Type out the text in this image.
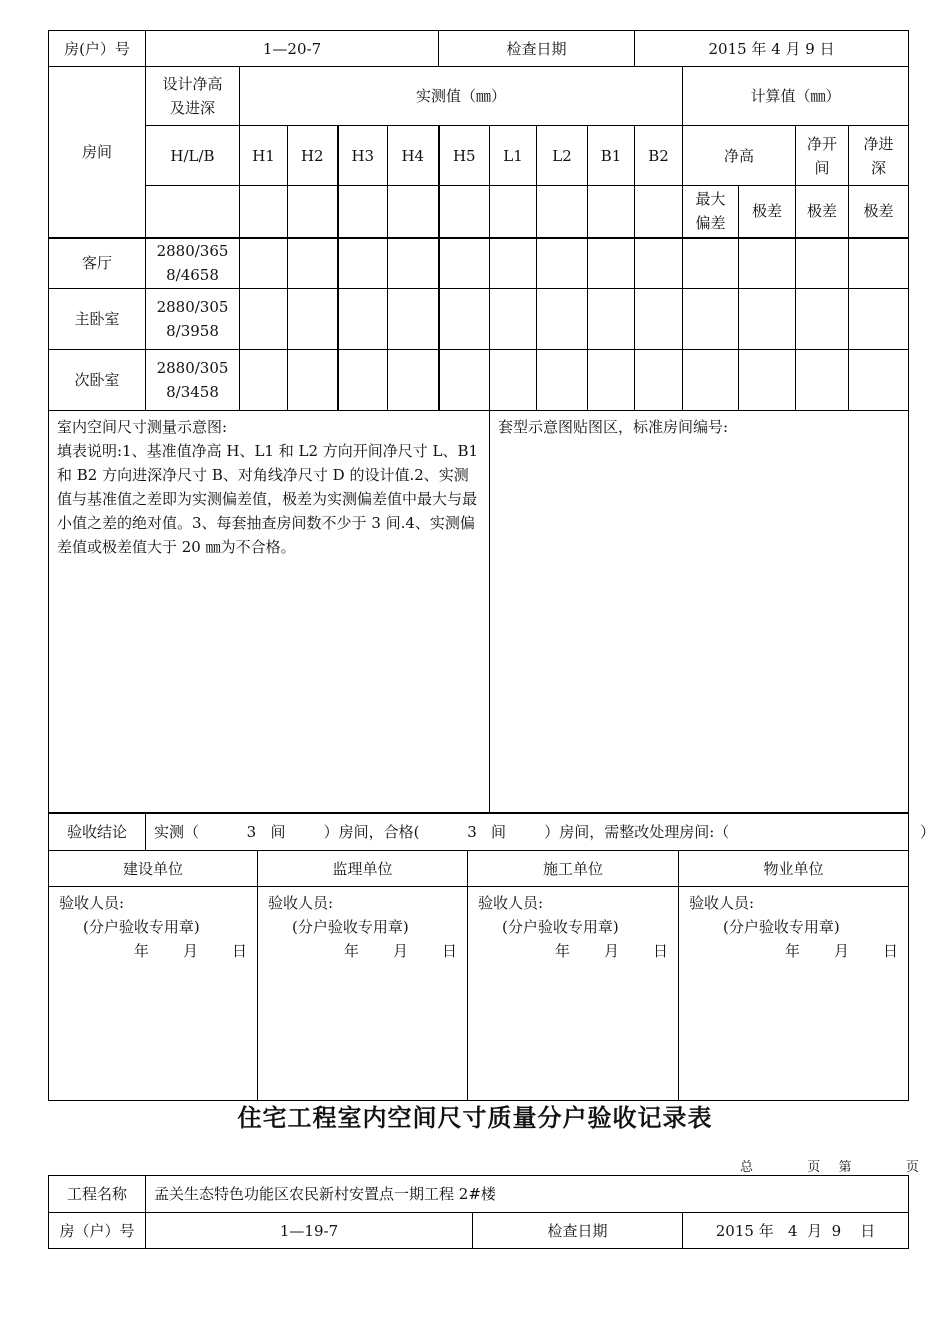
房(户）号	1—20-7					检查日期				2015 年 4 月 9 日				
房间	设计净高及进深	实测值（㎜）									计算值（㎜）			
	H/L/B	H1	H2	H3	H4	H5	L1	L2	B1	B2	净高		净开间	净进深
											最大偏差	极差	极差	极差
客厅	2880/3658/4658													
主卧室	2880/3058/3958													
次卧室	2880/3058/3458													
室内空间尺寸测量示意图:
填表说明:1、基准值净高 H、L1 和 L2 方向开间净尺寸 L、B1 和 B2 方向进深净尺寸 B、对角线净尺寸 D 的设计值.2、实测值与基准值之差即为实测偏差值，极差为实测偏差值中最大与最小值之差的绝对值。3、每套抽查房间数不少于 3 间.4、实测偏差值或极差值大于 20 ㎜为不合格。

套型示意图贴图区，标准房间编号:
验收结论	实测（          3   间        ）房间，合格(          3   间        ）房间，需整改处理房间:（                                        ）
建设单位	监理单位	施工单位	物业单位

验收人员:
(分户验收专用章)
年 月 日	验收人员:
(分户验收专用章)
年 月 日	验收人员:
(分户验收专用章)
年 月 日	验收人员:
(分户验收专用章)
年 月 日
住宅工程室内空间尺寸质量分户验收记录表
总   页 第   页
工程名称	孟关生态特色功能区农民新村安置点一期工程 2#楼		
房（户）号	1—19-7	检查日期	2015 年   4  月  9    日
